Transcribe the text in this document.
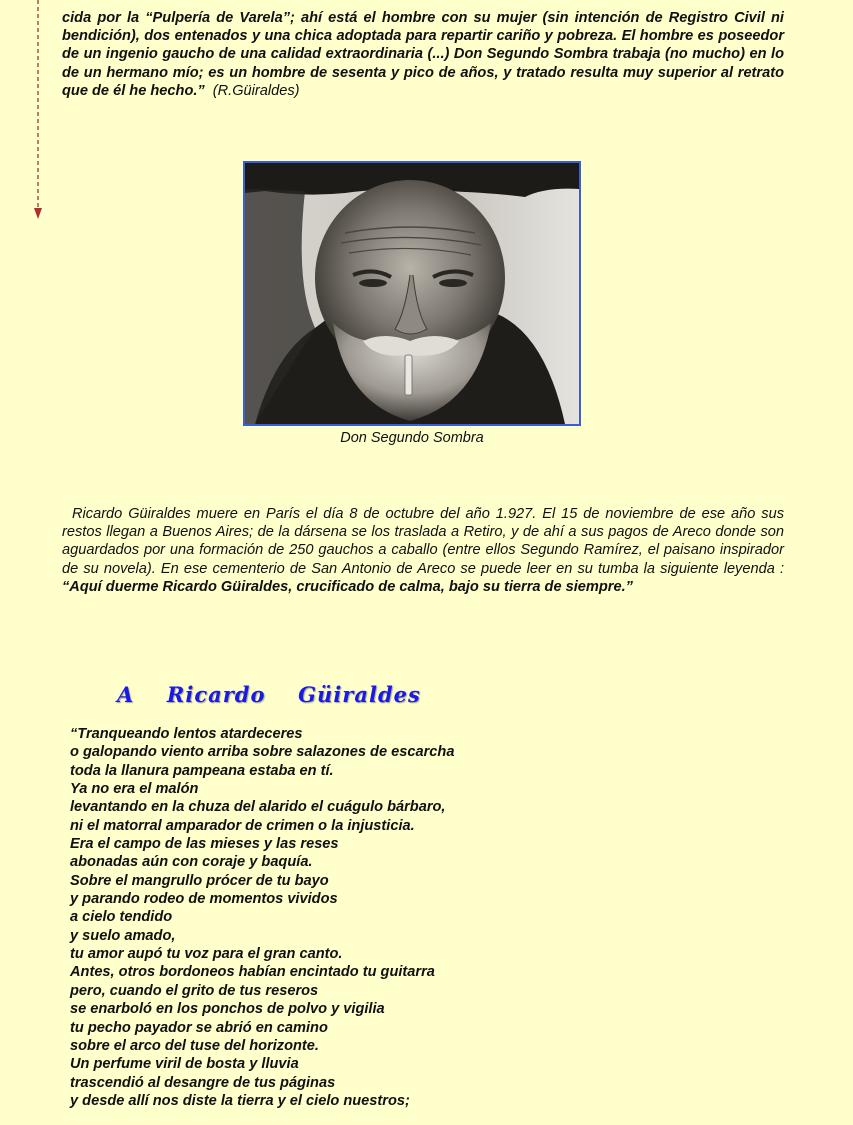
cida por la “Pulpería de Varela”; ahí está el hombre con su mujer (sin intención de Registro Civil ni bendición), dos entenados y una chica adoptada para repartir cariño y pobreza. El hombre es poseedor de un ingenio gaucho de una calidad extraordinaria (...) Don Segundo Sombra trabaja (no mucho) en lo de un hermano mío; es un hombre de sesenta y pico de años, y tratado resulta muy superior al retrato que de él he hecho.” (R.Güiraldes)

Don Segundo Sombra

Ricardo Güiraldes muere en París el día 8 de octubre del año 1.927. El 15 de noviembre de ese año sus restos llegan a Buenos Aires; de la dársena se los traslada a Retiro, y de ahí a sus pagos de Areco donde son aguardados por una formación de 250 gauchos a caballo (entre ellos Segundo Ramírez, el paisano inspirador de su novela). En ese cementerio de San Antonio de Areco se puede leer en su tumba la siguiente leyenda : “Aquí duerme Ricardo Güiraldes, crucificado de calma, bajo su tierra de siempre.”

A  Ricardo  Güiraldes
“Tranqueando lentos atardeceres
o galopando viento arriba sobre salazones de escarcha
toda la llanura pampeana estaba en tí.
Ya no era el malón
levantando en la chuza del alarido el cuágulo bárbaro,
ni el matorral amparador de crimen o la injusticia.
Era el campo de las mieses y las reses
abonadas aún con coraje y baquía.
Sobre el mangrullo prócer de tu bayo
y parando rodeo de momentos vividos
a cielo tendido
y suelo amado,
tu amor aupó tu voz para el gran canto.
Antes, otros bordoneos habían encintado tu guitarra
pero, cuando el grito de tus reseros
se enarboló en los ponchos de polvo y vigilia
tu pecho payador se abrió en camino
sobre el arco del tuse del horizonte.
Un perfume viril de bosta y lluvia
trascendió al desangre de tus páginas
y desde allí nos diste la tierra y el cielo nuestros;
